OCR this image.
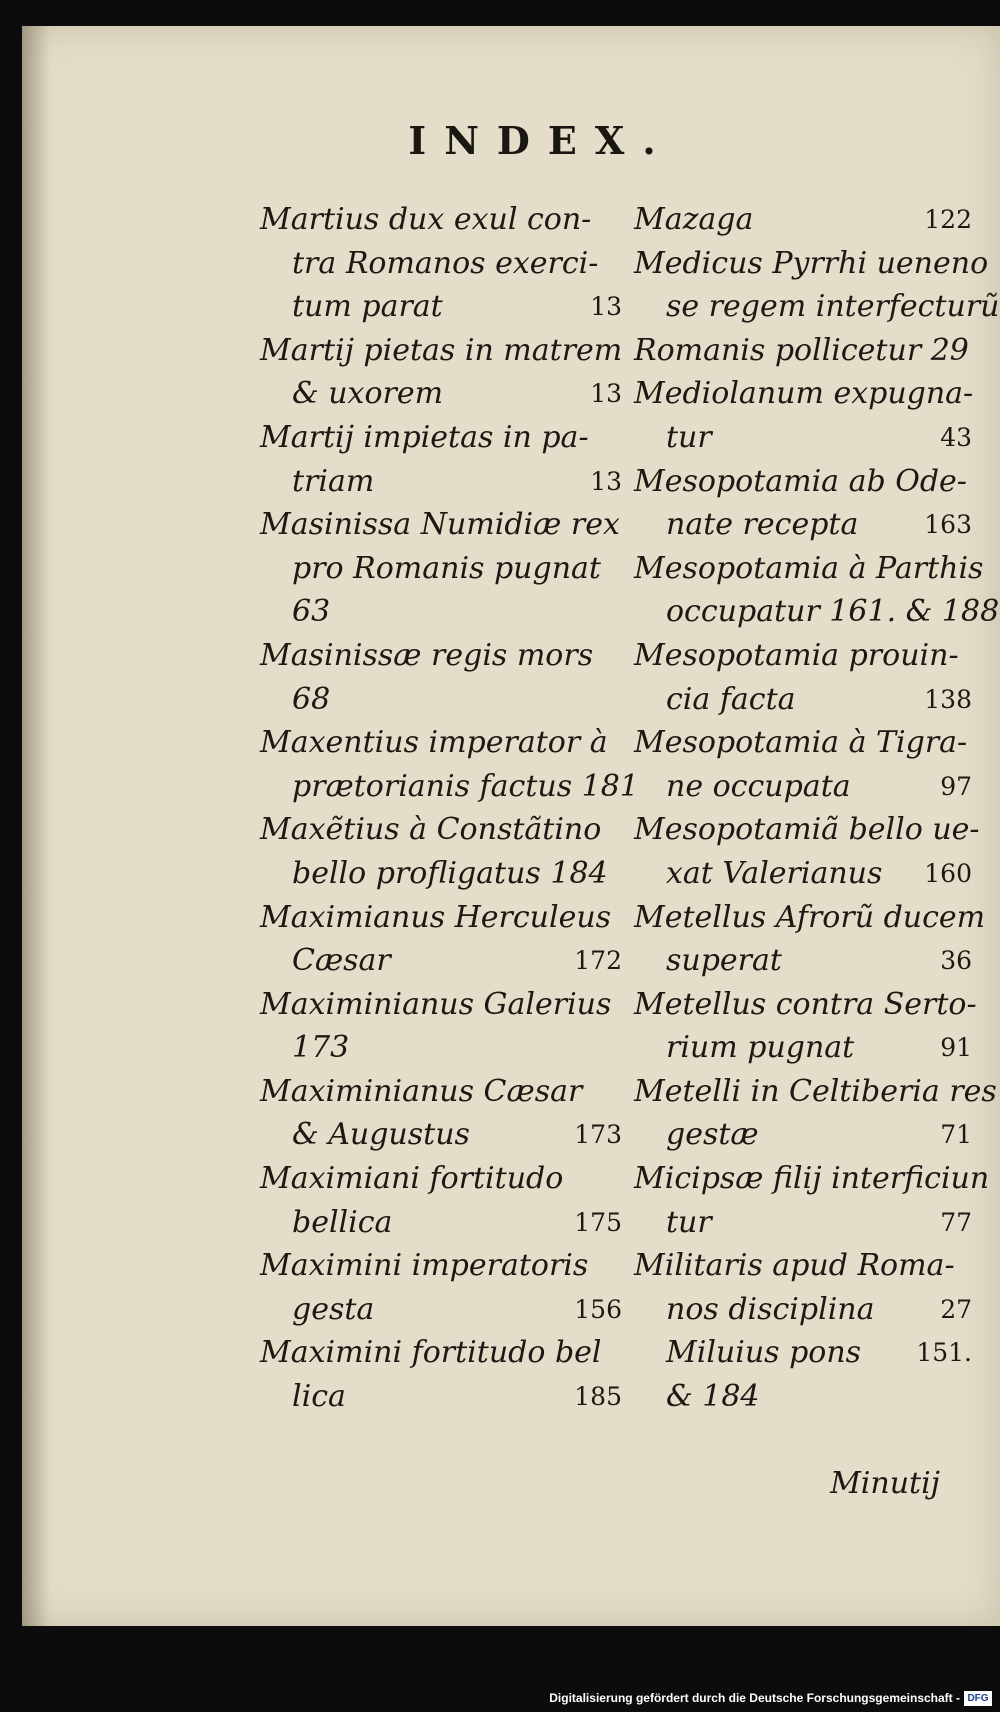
INDEX.
Martius dux exul con-
tra Romanos exerci-
tum parat	13
Martij pietas in matrem
& uxorem	13
Martij impietas in pa-
triam	13
Masinissa Numidiæ rex
pro Romanis pugnat
63
Masinissæ regis mors
68
Maxentius imperator à
prætorianis factus 181
Maxẽtius à Constãtino
bello profligatus 184
Maximianus Herculeus
Cæsar	172
Maximinianus Galerius
173
Maximinianus Cæsar
& Augustus	173
Maximiani fortitudo
bellica	175
Maximini imperatoris
gesta	156
Maximini fortitudo bel
lica	185
Mazaga	122
Medicus Pyrrhi ueneno
se regem interfecturũ
Romanis pollicetur 29
Mediolanum expugna-
tur	43
Mesopotamia ab Ode-
nate recepta	163
Mesopotamia à Parthis
occupatur 161. & 188
Mesopotamia prouin-
cia facta	138
Mesopotamia à Tigra-
ne occupata	97
Mesopotamiã bello ue-
xat Valerianus 160
Metellus Afrorũ ducem
superat	36
Metellus contra Serto-
rium pugnat	91
Metelli in Celtiberia res
gestæ	71
Micipsæ filij interficiun
tur	77
Militaris apud Roma-
nos disciplina	27
Miluius pons 151.
& 184
Minutij
Digitalisierung gefördert durch die Deutsche Forschungsgemeinschaft - DFG
